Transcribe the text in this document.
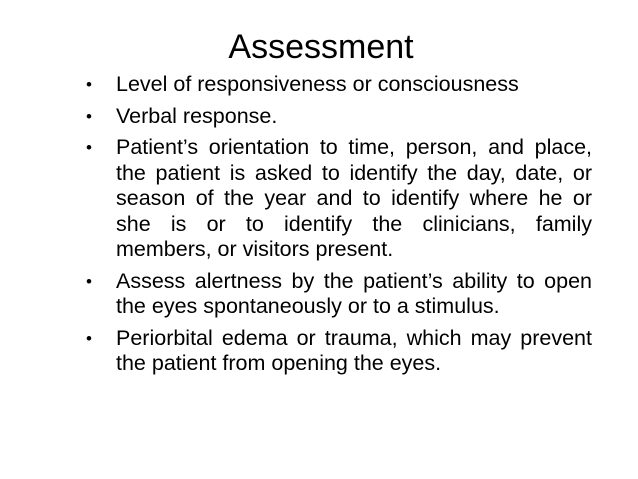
Assessment
• Level of responsiveness or consciousness
• Verbal response.
• Patient’s orientation to time, person, and place, the patient is asked to identify the day, date, or season of the year and to identify where he or she is or to identify the clinicians, family members, or visitors present.
• Assess alertness by the patient’s ability to open the eyes spontaneously or to a stimulus.
• Periorbital edema or trauma, which may prevent the patient from opening the eyes.
